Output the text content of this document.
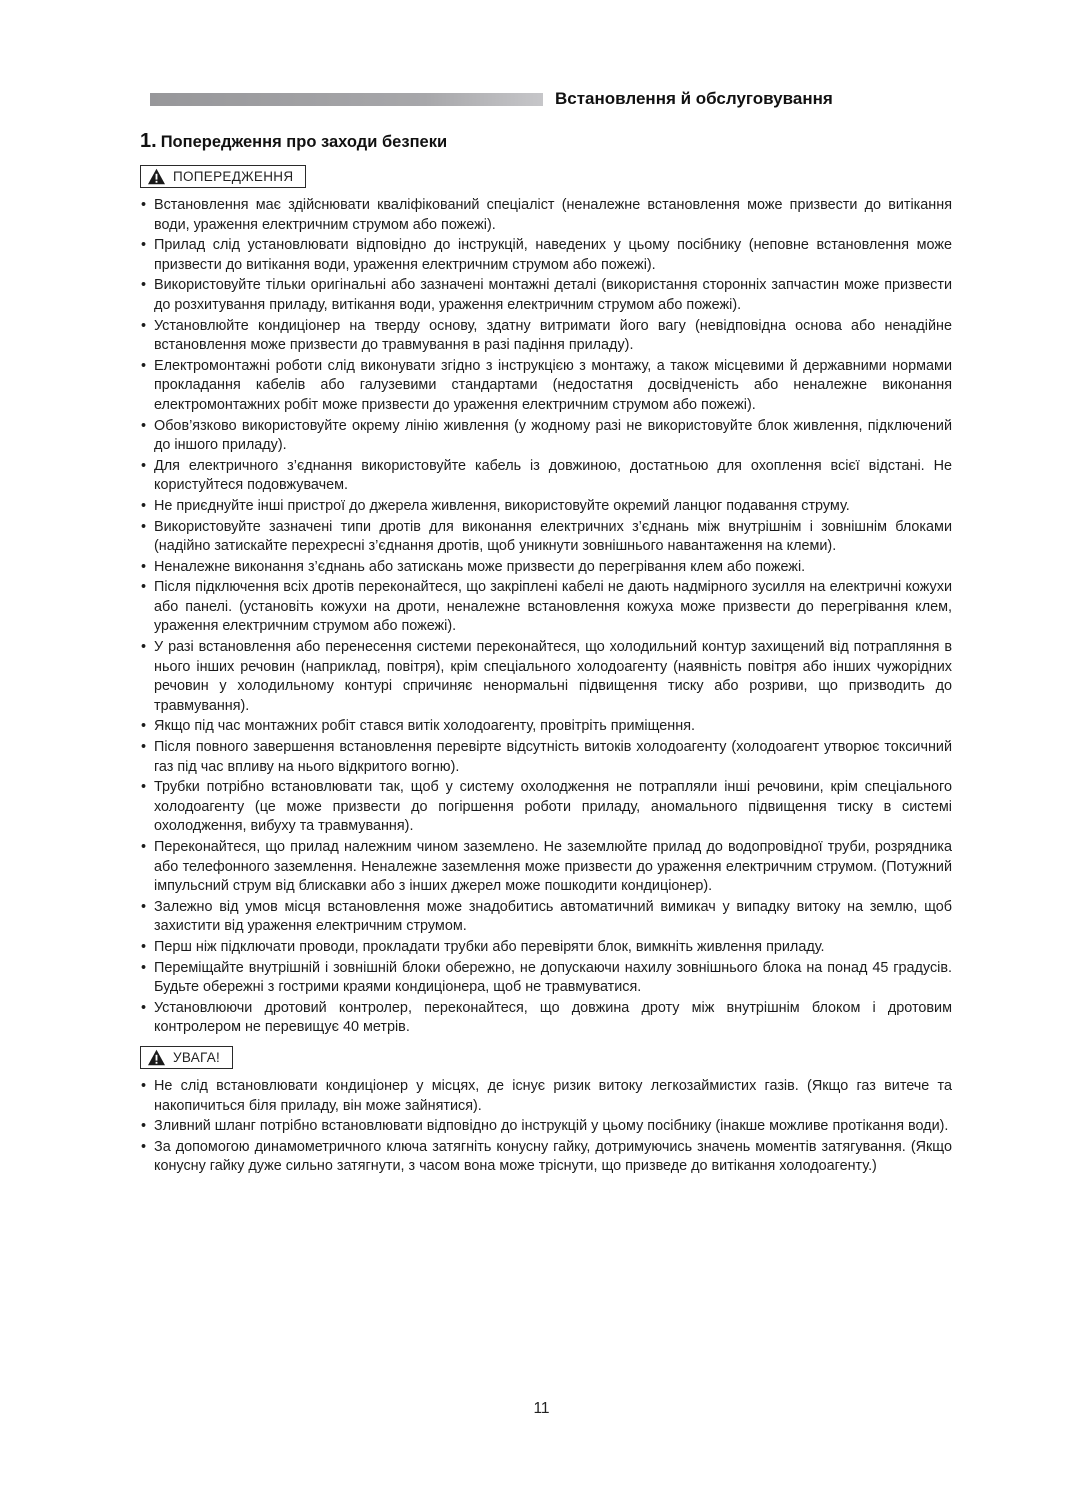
Встановлення й обслуговування
1. Попередження про заходи безпеки
ПОПЕРЕДЖЕННЯ
• Встановлення має здійснювати кваліфікований спеціаліст (неналежне встановлення може призвести до витікання води, ураження електричним струмом або пожежі).
• Прилад слід установлювати відповідно до інструкцій, наведених у цьому посібнику (неповне встановлення може призвести до витікання води, ураження електричним струмом або пожежі).
• Використовуйте тільки оригінальні або зазначені монтажні деталі (використання сторонніх запчастин може призвести до розхитування приладу, витікання води, ураження електричним струмом або пожежі).
• Установлюйте кондиціонер на тверду основу, здатну витримати його вагу (невідповідна основа або ненадійне встановлення може призвести до травмування в разі падіння приладу).
• Електромонтажні роботи слід виконувати згідно з інструкцією з монтажу, а також місцевими й державними нормами прокладання кабелів або галузевими стандартами (недостатня досвідченість або неналежне виконання електромонтажних робіт може призвести до ураження електричним струмом або пожежі).
• Обов’язково використовуйте окрему лінію живлення (у жодному разі не використовуйте блок живлення, підключений до іншого приладу).
• Для електричного з’єднання використовуйте кабель із довжиною, достатньою для охоплення всієї відстані. Не користуйтеся подовжувачем.
• Не приєднуйте інші пристрої до джерела живлення, використовуйте окремий ланцюг подавання струму.
• Використовуйте зазначені типи дротів для виконання електричних з’єднань між внутрішнім і зовнішнім блоками (надійно затискайте перехресні з’єднання дротів, щоб уникнути зовнішнього навантаження на клеми).
• Неналежне виконання з’єднань або затискань може призвести до перегрівання клем або пожежі.
• Після підключення всіх дротів переконайтеся, що закріплені кабелі не дають надмірного зусилля на електричні кожухи або панелі. (установіть кожухи на дроти, неналежне встановлення кожуха може призвести до перегрівання клем, ураження електричним струмом або пожежі).
• У разі встановлення або перенесення системи переконайтеся, що холодильний контур захищений від потрапляння в нього інших речовин (наприклад, повітря), крім спеціального холодоагенту (наявність повітря або інших чужорідних речовин у холодильному контурі спричиняє ненормальні підвищення тиску або розриви, що призводить до травмування).
• Якщо під час монтажних робіт стався витік холодоагенту, провітріть приміщення.
• Після повного завершення встановлення перевірте відсутність витоків холодоагенту (холодоагент утворює токсичний газ під час впливу на нього відкритого вогню).
• Трубки потрібно встановлювати так, щоб у систему охолодження не потрапляли інші речовини, крім спеціального холодоагенту (це може призвести до погіршення роботи приладу, аномального підвищення тиску в системі охолодження, вибуху та травмування).
• Переконайтеся, що прилад належним чином заземлено. Не заземлюйте прилад до водопровідної труби, розрядника або телефонного заземлення. Неналежне заземлення може призвести до ураження електричним струмом. (Потужний імпульсний струм від блискавки або з інших джерел може пошкодити кондиціонер).
• Залежно від умов місця встановлення може знадобитись автоматичний вимикач у випадку витоку на землю, щоб захистити від ураження електричним струмом.
• Перш ніж підключати проводи, прокладати трубки або перевіряти блок, вимкніть живлення приладу.
• Переміщайте внутрішній і зовнішній блоки обережно, не допускаючи нахилу зовнішнього блока на понад 45 градусів. Будьте обережні з гострими краями кондиціонера, щоб не травмуватися.
• Установлюючи дротовий контролер, переконайтеся, що довжина дроту між внутрішнім блоком і дротовим контролером не перевищує 40 метрів.
УВАГА!
• Не слід встановлювати кондиціонер у місцях, де існує ризик витоку легкозаймистих газів. (Якщо газ витече та накопичиться біля приладу, він може зайнятися).
• Зливний шланг потрібно встановлювати відповідно до інструкцій у цьому посібнику (інакше можливе протікання води).
• За допомогою динамометричного ключа затягніть конусну гайку, дотримуючись значень моментів затягування. (Якщо конусну гайку дуже сильно затягнути, з часом вона може тріснути, що призведе до витікання холодоагенту.)
11
